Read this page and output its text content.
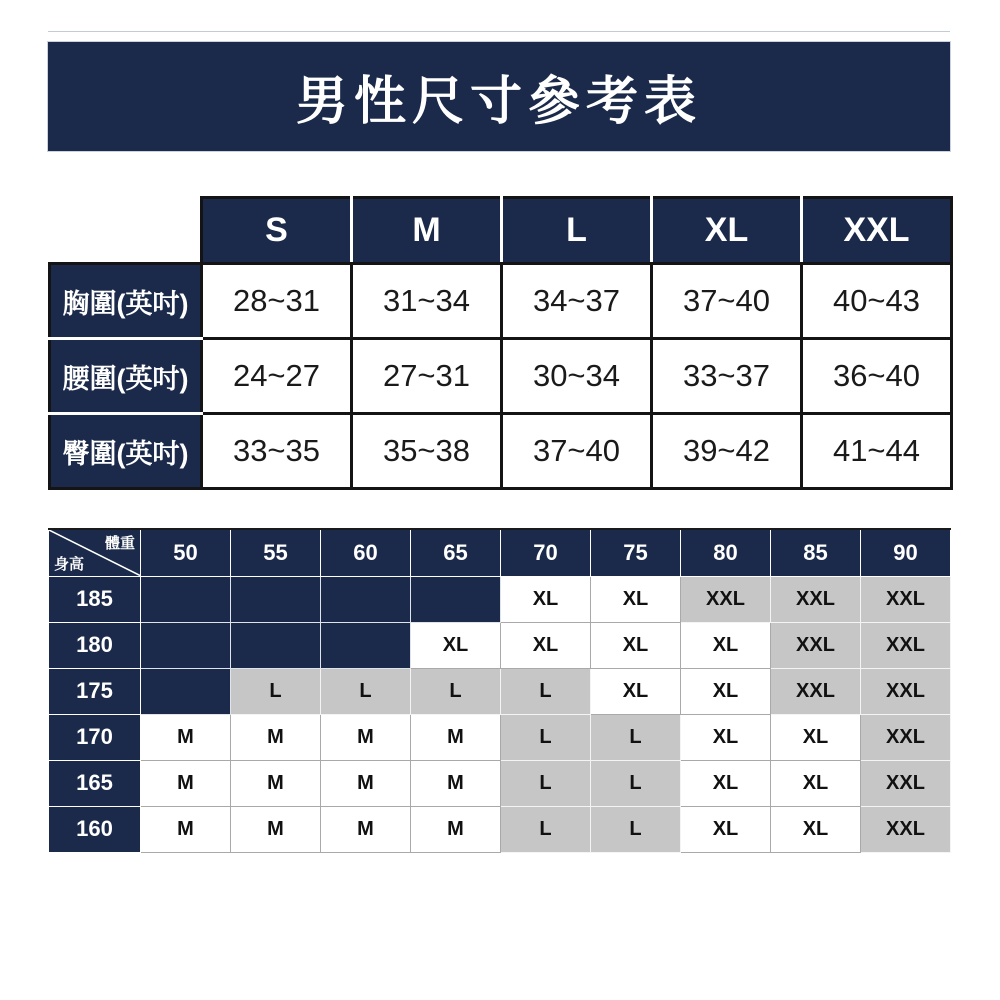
男性尺寸參考表
	S	M	L	XL	XXL
胸圍(英吋)	28~31	31~34	34~37	37~40	40~43
腰圍(英吋)	24~27	27~31	30~34	33~37	36~40
臀圍(英吋)	33~35	35~38	37~40	39~42	41~44
體重
身高	50	55	60	65	70	75	80	85	90
185					XL	XL	XXL	XXL	XXL
180				XL	XL	XL	XL	XXL	XXL
175		L	L	L	L	XL	XL	XXL	XXL
170	M	M	M	M	L	L	XL	XL	XXL
165	M	M	M	M	L	L	XL	XL	XXL
160	M	M	M	M	L	L	XL	XL	XXL
